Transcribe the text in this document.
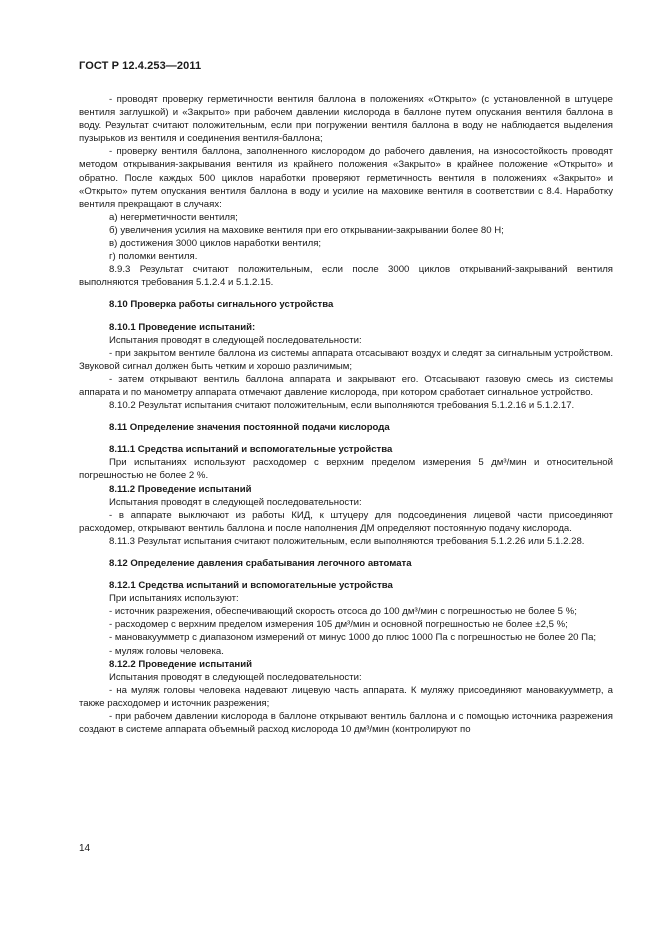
ГОСТ Р 12.4.253—2011

- проводят проверку герметичности вентиля баллона в положениях «Открыто» (с установленной в штуцере вентиля заглушкой) и «Закрыто» при рабочем давлении кислорода в баллоне путем опускания вентиля баллона в воду. Результат считают положительным, если при погружении вентиля баллона в воду не наблюдается выделения пузырьков из вентиля и соединения вентиля-баллона;

- проверку вентиля баллона, заполненного кислородом до рабочего давления, на износостойкость проводят методом открывания-закрывания вентиля из крайнего положения «Закрыто» в крайнее положение «Открыто» и обратно. После каждых 500 циклов наработки проверяют герметичность вентиля в положениях «Закрыто» и «Открыто» путем опускания вентиля баллона в воду и усилие на маховике вентиля в соответствии с 8.4. Наработку вентиля прекращают в случаях:

а) негерметичности вентиля;

б) увеличения усилия на маховике вентиля при его открывании-закрывании более 80 Н;

в) достижения 3000 циклов наработки вентиля;

г) поломки вентиля.

8.9.3 Результат считают положительным, если после 3000 циклов открываний-закрываний вентиля выполняются требования 5.1.2.4 и 5.1.2.15.

8.10 Проверка работы сигнального устройства

8.10.1 Проведение испытаний:

Испытания проводят в следующей последовательности:

- при закрытом вентиле баллона из системы аппарата отсасывают воздух и следят за сигнальным устройством. Звуковой сигнал должен быть четким и хорошо различимым;

- затем открывают вентиль баллона аппарата и закрывают его. Отсасывают газовую смесь из системы аппарата и по манометру аппарата отмечают давление кислорода, при котором сработает сигнальное устройство.

8.10.2 Результат испытания считают положительным, если выполняются требования 5.1.2.16 и 5.1.2.17.

8.11 Определение значения постоянной подачи кислорода

8.11.1 Средства испытаний и вспомогательные устройства

При испытаниях используют расходомер с верхним пределом измерения 5 дм³/мин и относительной погрешностью не более 2 %.

8.11.2 Проведение испытаний

Испытания проводят в следующей последовательности:

- в аппарате выключают из работы КИД, к штуцеру для подсоединения лицевой части присоединяют расходомер, открывают вентиль баллона и после наполнения ДМ определяют постоянную подачу кислорода.

8.11.3 Результат испытания считают положительным, если выполняются требования 5.1.2.26 или 5.1.2.28.

8.12 Определение давления срабатывания легочного автомата

8.12.1 Средства испытаний и вспомогательные устройства

При испытаниях используют:

- источник разрежения, обеспечивающий скорость отсоса до 100 дм³/мин с погрешностью не более 5 %;

- расходомер с верхним пределом измерения 105 дм³/мин и основной погрешностью не более ±2,5 %;

- мановакуумметр с диапазоном измерений от минус 1000 до плюс 1000 Па с погрешностью не более 20 Па;

- муляж головы человека.

8.12.2 Проведение испытаний

Испытания проводят в следующей последовательности:

- на муляж головы человека надевают лицевую часть аппарата. К муляжу присоединяют мановакуумметр, а также расходомер и источник разрежения;

- при рабочем давлении кислорода в баллоне открывают вентиль баллона и с помощью источника разрежения создают в системе аппарата объемный расход кислорода 10 дм³/мин (контролируют по

14
